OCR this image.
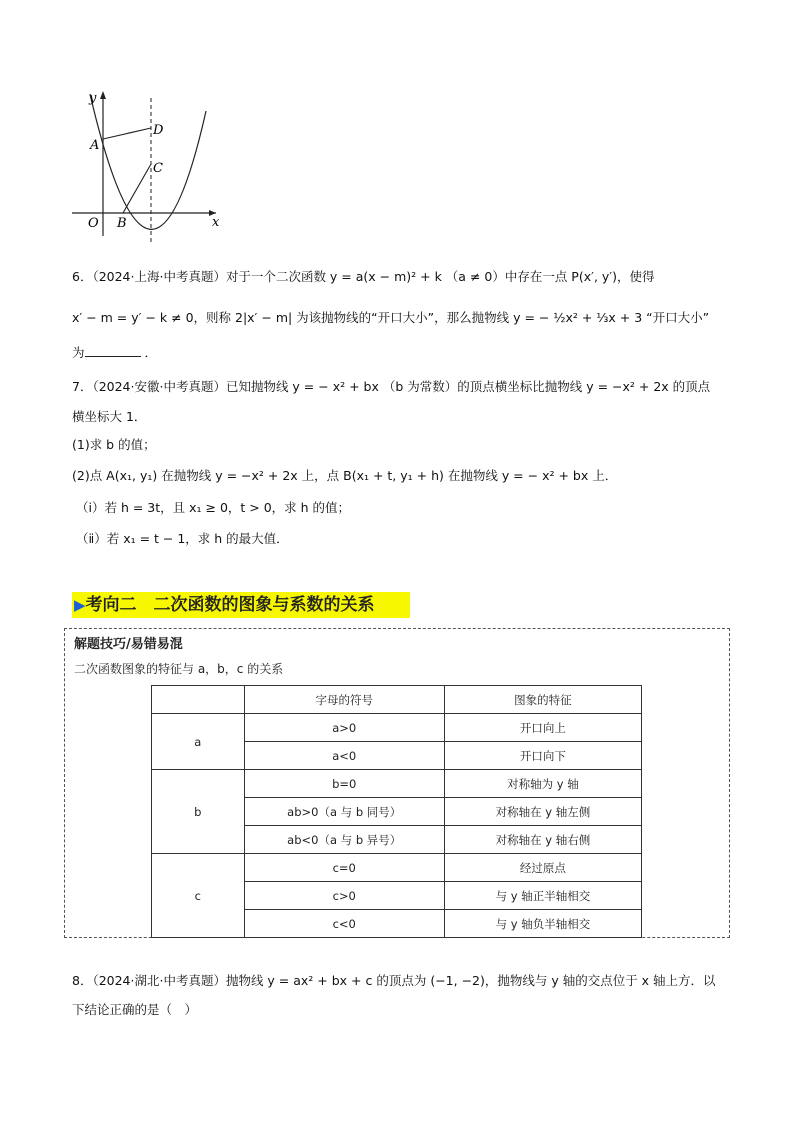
y
x
O
A
B
C
D
6．（2024·上海·中考真题）对于一个二次函数 y = a(x − m)² + k （a ≠ 0）中存在一点 P(x′, y′)，使得
x′ − m = y′ − k ≠ 0，则称 2|x′ − m| 为该抛物线的“开口大小”，那么抛物线 y = − ½x² + ⅓x + 3 “开口大小”
为	．
7．（2024·安徽·中考真题）已知抛物线 y = − x² + bx （b 为常数）的顶点横坐标比抛物线 y = −x² + 2x 的顶点
横坐标大 1．
(1)求 b 的值；
(2)点 A(x₁, y₁) 在抛物线 y = −x² + 2x 上，点 B(x₁ + t, y₁ + h) 在抛物线 y = − x² + bx 上．
（ⅰ）若 h = 3t，且 x₁ ≥ 0，t > 0，求 h 的值；
（ⅱ）若 x₁ = t − 1，求 h 的最大值．
▶考向二　二次函数的图象与系数的关系
解题技巧/易错易混
二次函数图象的特征与 a，b，c 的关系
	字母的符号	图象的特征
a	a>0	开口向上
	a<0	开口向下
b	b=0	对称轴为 y 轴
	ab>0（a 与 b 同号）	对称轴在 y 轴左侧
	ab<0（a 与 b 异号）	对称轴在 y 轴右侧
c	c=0	经过原点
	c>0	与 y 轴正半轴相交
	c<0	与 y 轴负半轴相交
8．（2024·湖北·中考真题）抛物线 y = ax² + bx + c 的顶点为 (−1, −2)，抛物线与 y 轴的交点位于 x 轴上方．以
下结论正确的是（　）
